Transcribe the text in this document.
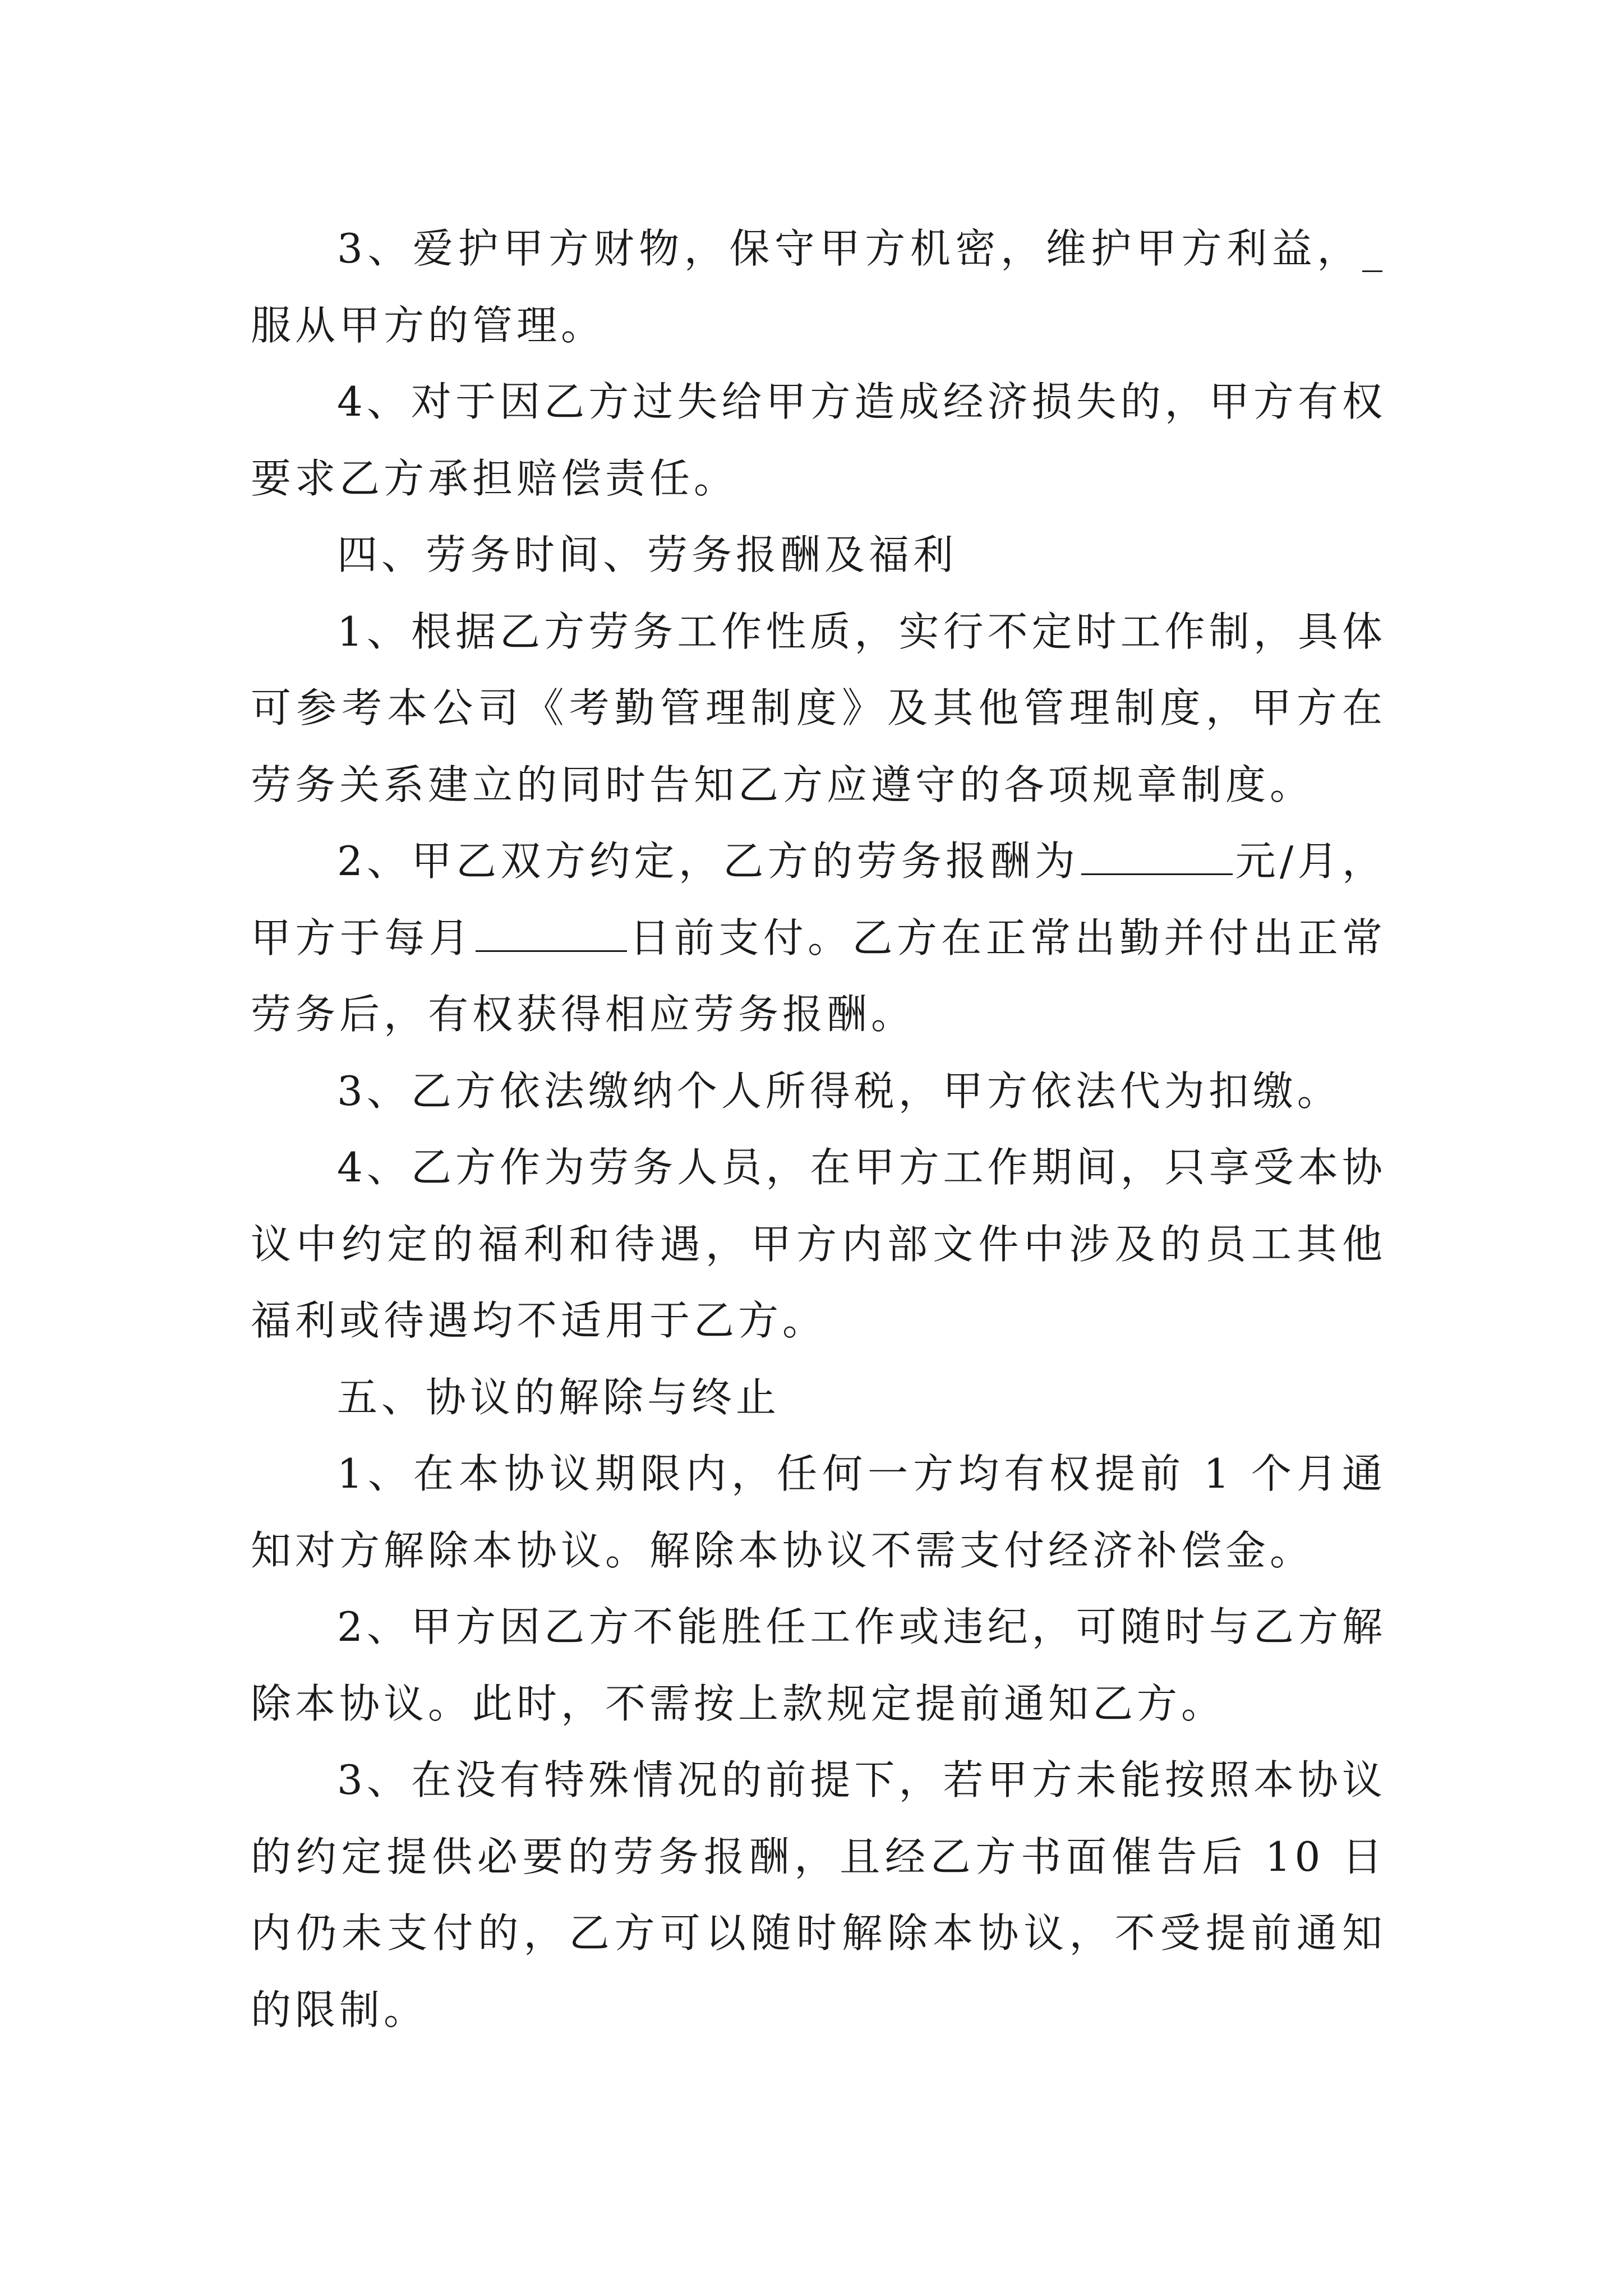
3、爱护甲方财物，保守甲方机密，维护甲方利益，_服从甲方的管理。

4、对于因乙方过失给甲方造成经济损失的，甲方有权要求乙方承担赔偿责任。

四、劳务时间、劳务报酬及福利

1、根据乙方劳务工作性质，实行不定时工作制，具体可参考本公司《考勤管理制度》及其他管理制度，甲方在劳务关系建立的同时告知乙方应遵守的各项规章制度。

2、甲乙双方约定，乙方的劳务报酬为	元/月，甲方于每月	日前支付。乙方在正常出勤并付出正常劳务后，有权获得相应劳务报酬。

3、乙方依法缴纳个人所得税，甲方依法代为扣缴。

4、乙方作为劳务人员，在甲方工作期间，只享受本协议中约定的福利和待遇，甲方内部文件中涉及的员工其他福利或待遇均不适用于乙方。

五、协议的解除与终止

1、在本协议期限内，任何一方均有权提前 1 个月通知对方解除本协议。解除本协议不需支付经济补偿金。

2、甲方因乙方不能胜任工作或违纪，可随时与乙方解除本协议。此时，不需按上款规定提前通知乙方。

3、在没有特殊情况的前提下，若甲方未能按照本协议的约定提供必要的劳务报酬，且经乙方书面催告后 10 日内仍未支付的，乙方可以随时解除本协议，不受提前通知的限制。
